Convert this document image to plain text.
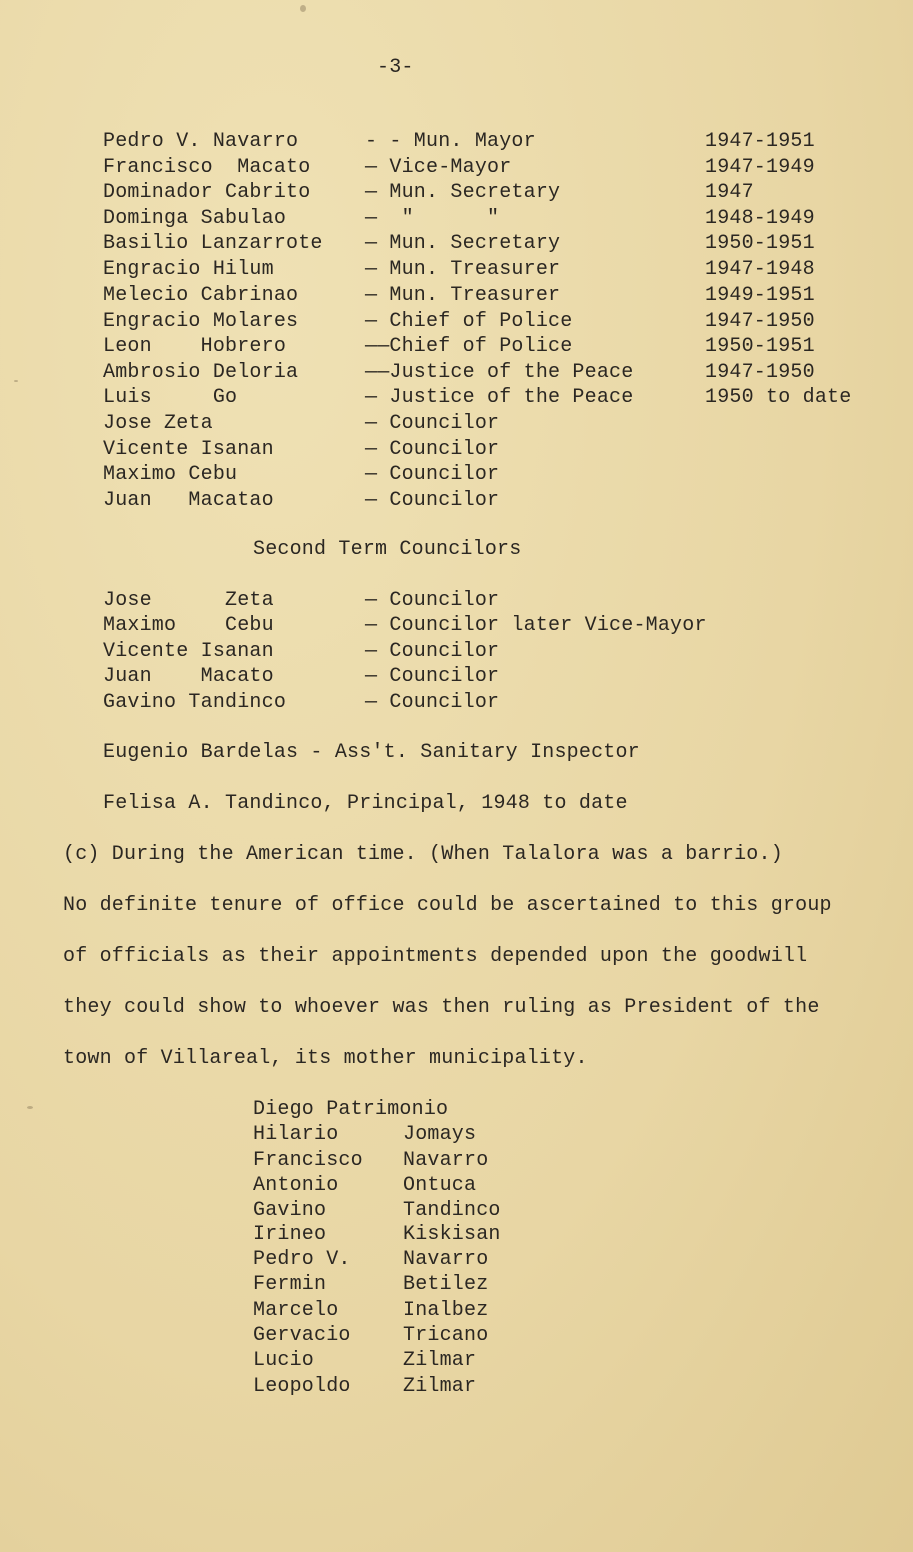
-3-
Pedro V. Navarro	- - Mun. Mayor	1947-1951
Francisco  Macato	— Vice-Mayor	1947-1949
Dominador Cabrito	— Mun. Secretary	1947
Dominga Sabulao	—  "      "	1948-1949
Basilio Lanzarrote — Mun. Secretary	1950-1951
Engracio Hilum	— Mun. Treasurer	1947-1948
Melecio Cabrinao	— Mun. Treasurer	1949-1951
Engracio Molares	— Chief of Police	1947-1950
Leon    Hobrero	——Chief of Police	1950-1951
Ambrosio Deloria	——Justice of the Peace	1947-1950
Luis     Go	— Justice of the Peace	1950 to date
Jose Zeta	— Councilor
Vicente Isanan	— Councilor
Maximo Cebu	— Councilor
Juan   Macatao	— Councilor
Second Term Councilors
Jose      Zeta	— Councilor
Maximo    Cebu	— Councilor later Vice-Mayor
Vicente Isanan	— Councilor
Juan    Macato	— Councilor
Gavino Tandinco	— Councilor
Eugenio Bardelas - Ass't. Sanitary Inspector
Felisa A. Tandinco, Principal, 1948 to date
(c) During the American time. (When Talalora was a barrio.)
No definite tenure of office could be ascertained to this group
of officials as their appointments depended upon the goodwill
they could show to whoever was then ruling as President of the
town of Villareal, its mother municipality.
Diego Patrimonio
Hilario	Jomays
Francisco Navarro
Antonio	Ontuca
Gavino	Tandinco
Irineo	Kiskisan
Pedro V.	Navarro
Fermin	Betilez
Marcelo	Inalbez
Gervacio	Tricano
Lucio	Zilmar
Leopoldo	Zilmar
